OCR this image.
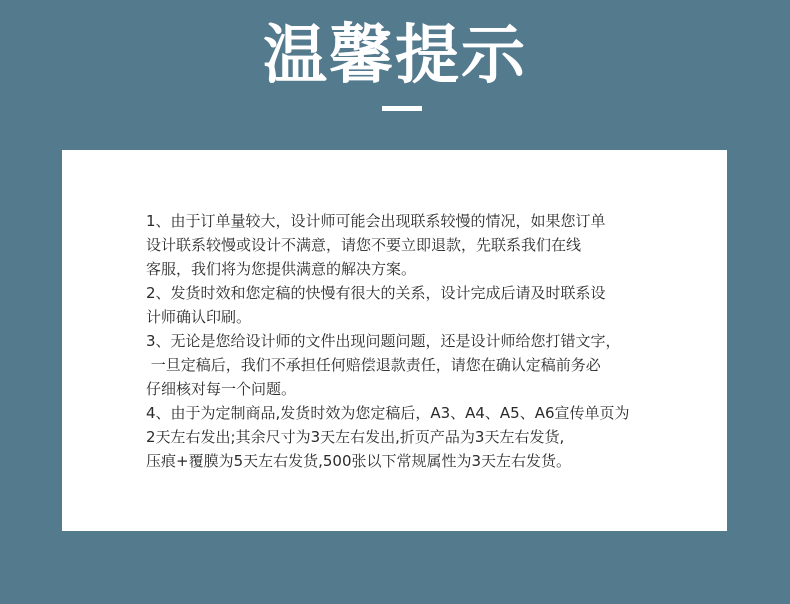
温馨提示
1、由于订单量较大，设计师可能会出现联系较慢的情况，如果您订单
设计联系较慢或设计不满意，请您不要立即退款，先联系我们在线
客服，我们将为您提供满意的解决方案。
2、发货时效和您定稿的快慢有很大的关系，设计完成后请及时联系设
计师确认印刷。
3、无论是您给设计师的文件出现问题问题，还是设计师给您打错文字，
一旦定稿后，我们不承担任何赔偿退款责任，请您在确认定稿前务必
仔细核对每一个问题。
4、由于为定制商品,发货时效为您定稿后，A3、A4、A5、A6宣传单页为
2天左右发出;其余尺寸为3天左右发出,折页产品为3天左右发货,
压痕+覆膜为5天左右发货,500张以下常规属性为3天左右发货。
